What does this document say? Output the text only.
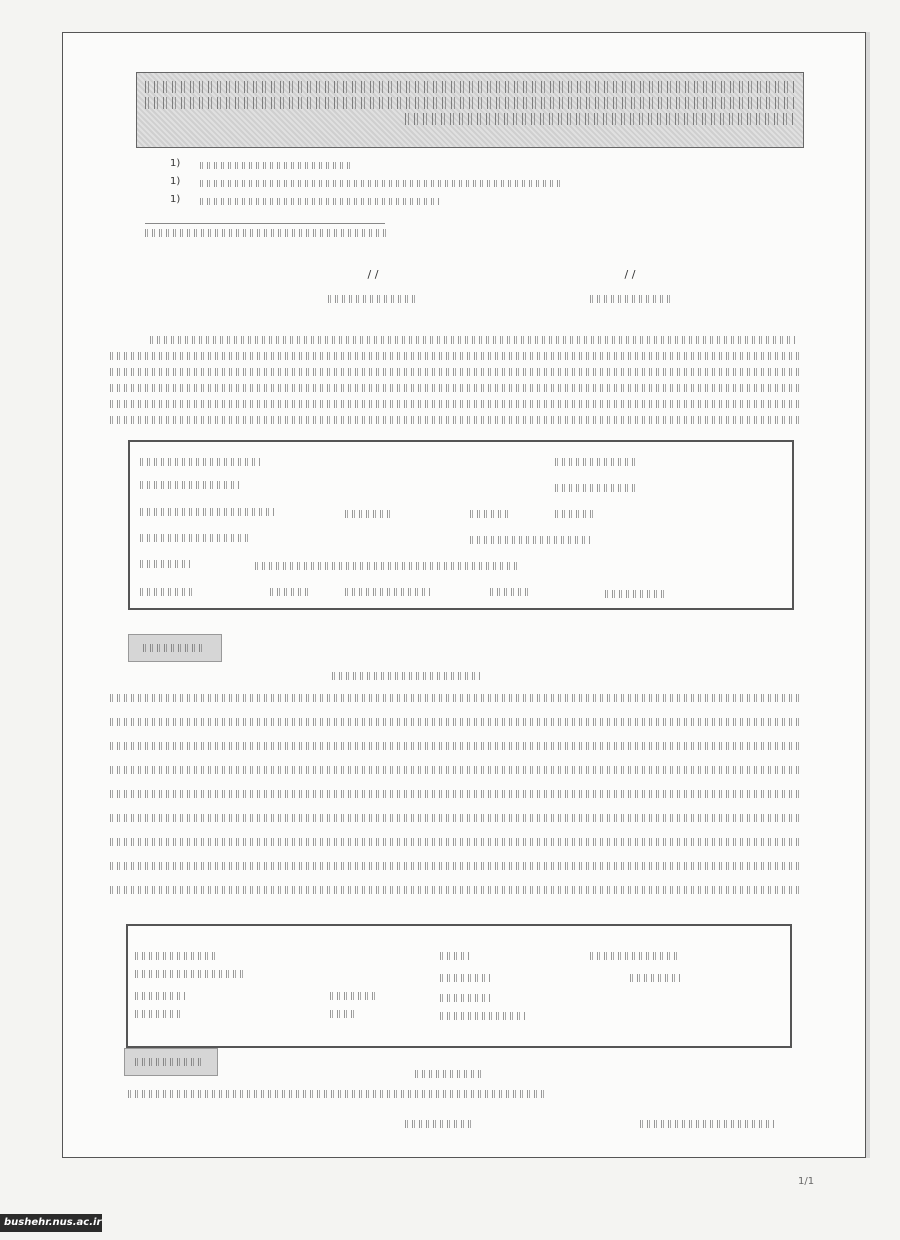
1)
1)
1)
/ /
/ /
1/1
bushehr.nus.ac.ir
